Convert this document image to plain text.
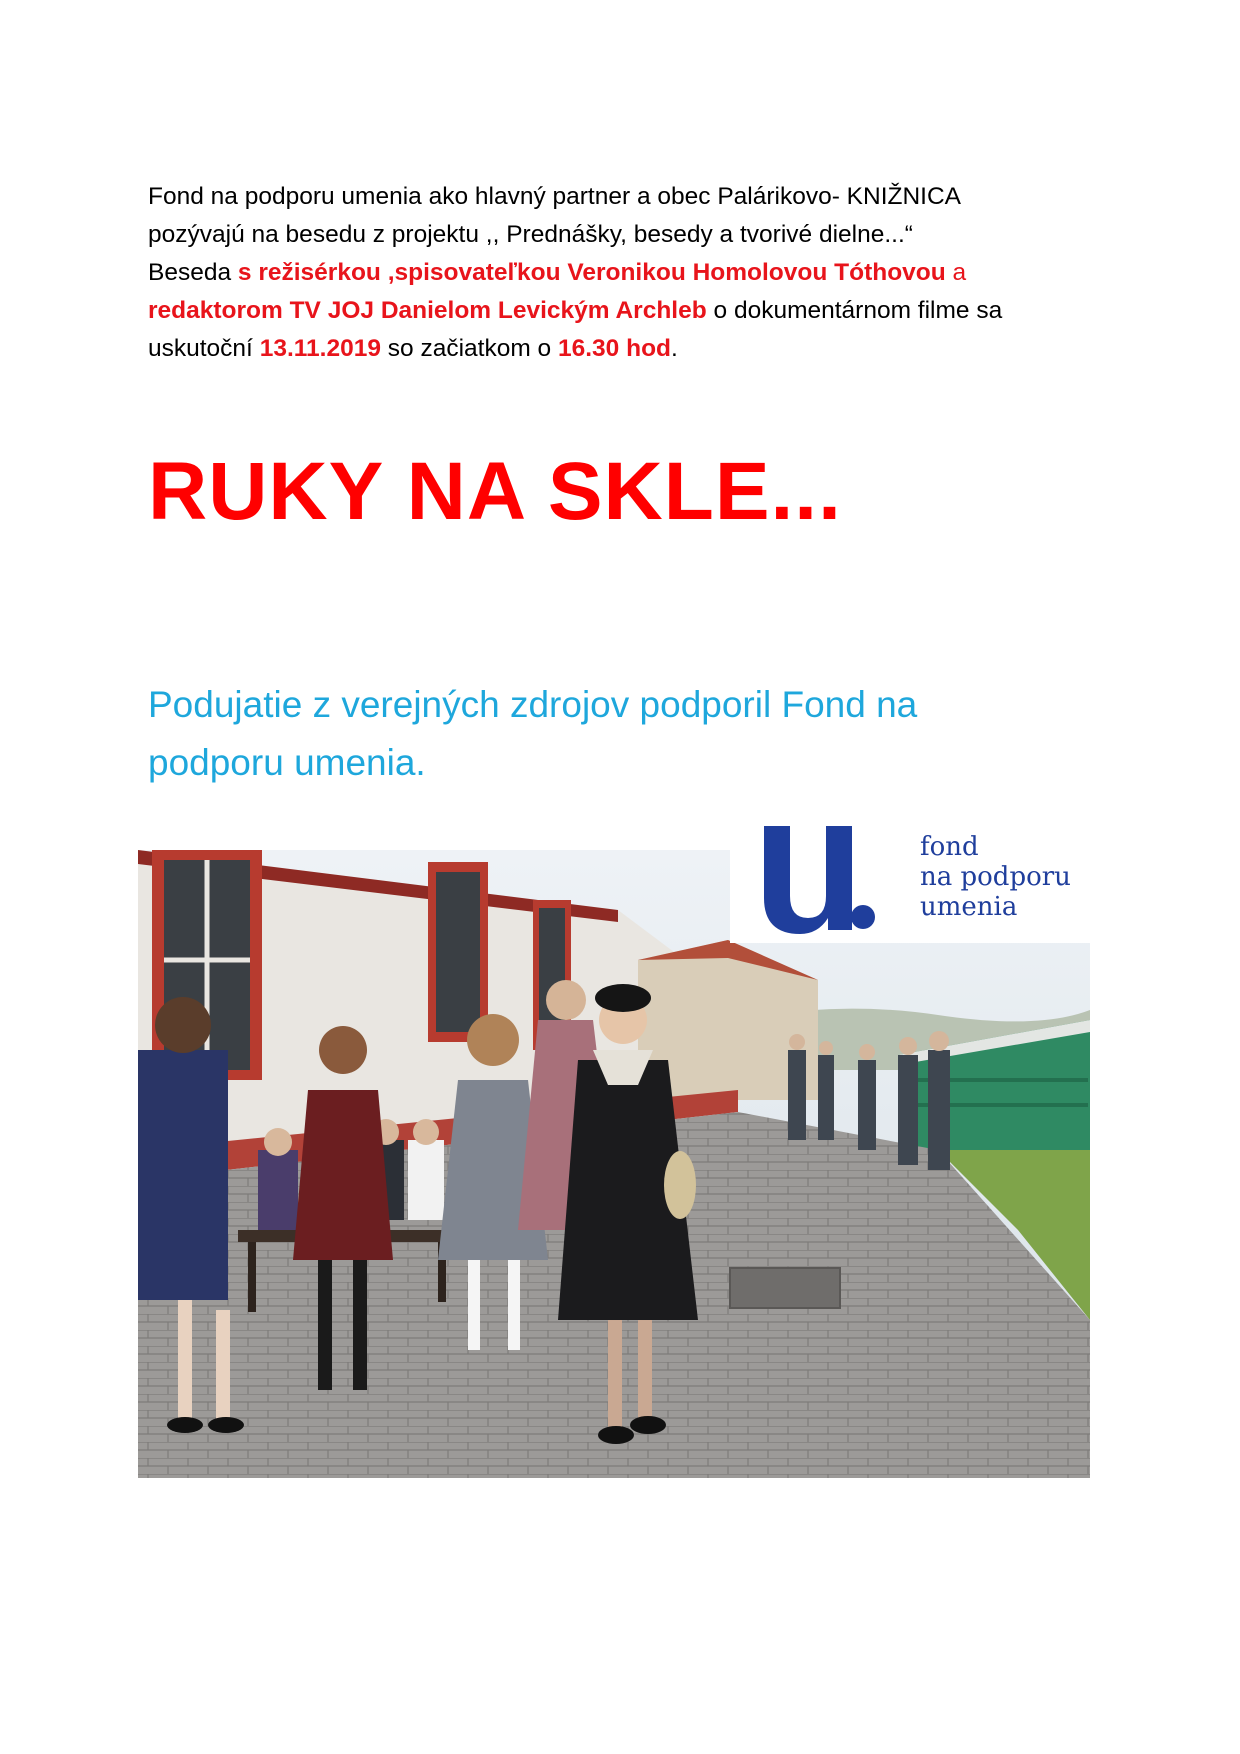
Fond na podporu umenia ako hlavný partner a obec Palárikovo- KNIŽNICA

pozývajú na besedu z projektu ,, Prednášky, besedy a tvorivé dielne...“

Beseda s režisérkou ,spisovateľkou Veronikou Homolovou Tóthovou a

redaktorom TV JOJ Danielom Levickým Archleb o dokumentárnom filme sa

uskutoční 13.11.2019 so začiatkom o 16.30 hod.

RUKY NA SKLE...

Podujatie z verejných zdrojov podporil Fond na
podporu umenia.

fond
na podporu
umenia
